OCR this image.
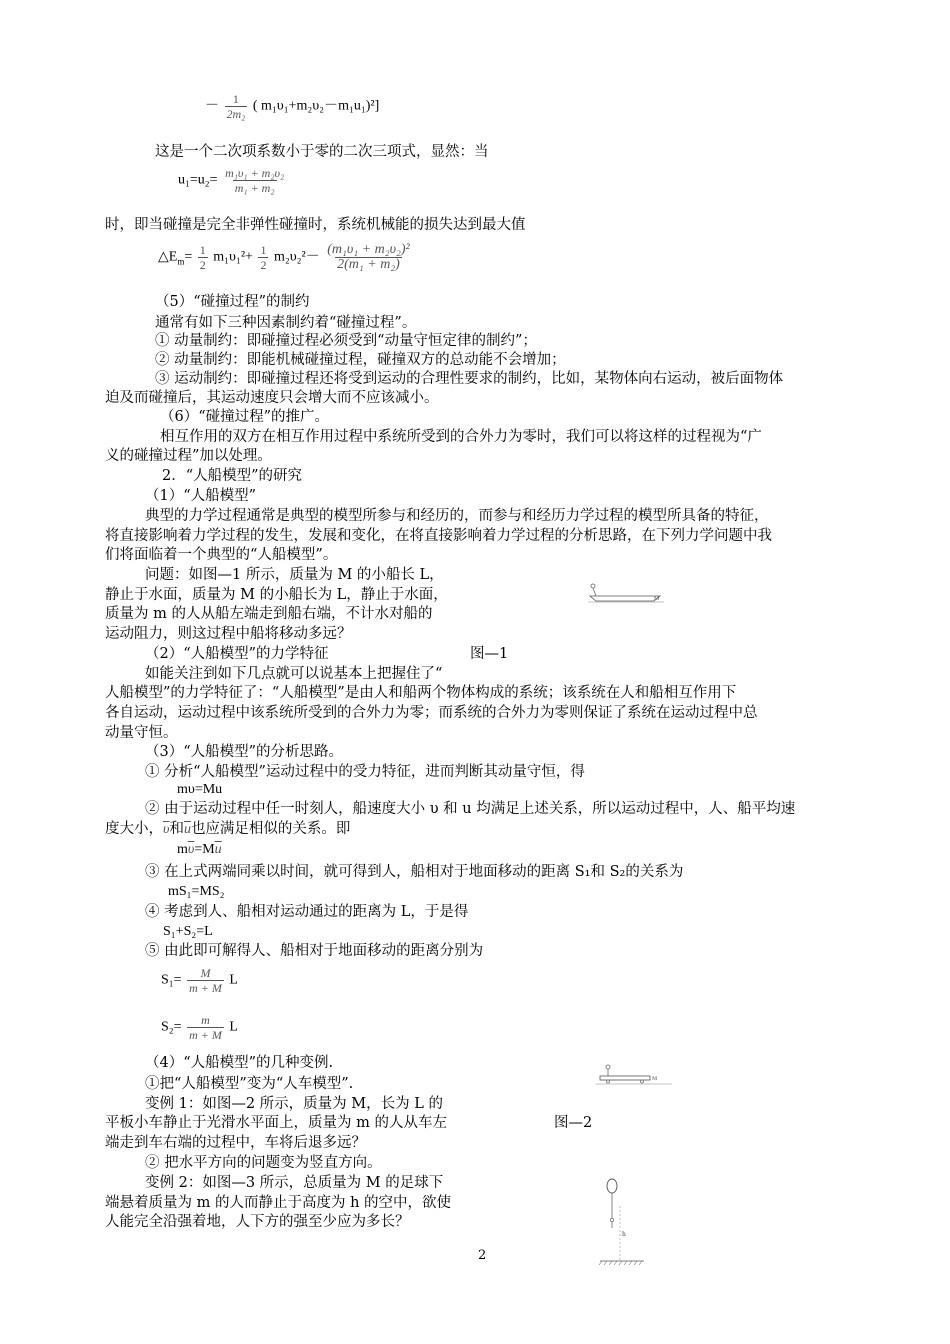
－ $\frac{1}{\text{2m₂}}$ ( m₁υ₁+m₂υ₂－m₁u₁)²]
这是一个二次项系数小于零的二次三项式，显然：当
$u_1=u_2= \frac{\text{m₁υ₁ + m₂υ₂}}{\text{m₁ + m₂}}$
时，即当碰撞是完全非弹性碰撞时，系统机械能的损失达到最大值
$\triangle E_m= \frac{1}{2} m_1\upsilon_1^2+ \frac{1}{2} m_2\upsilon_2^2- \frac{\text{(m₁υ₁ + m₂υ₂)²}}{\text{2(m₁ + m₂)}}$
（5）“碰撞过程”的制约
通常有如下三种因素制约着“碰撞过程”。
① 动量制约：即碰撞过程必须受到“动量守恒定律的制约”；
② 动量制约：即能机械碰撞过程，碰撞双方的总动能不会增加；
③ 运动制约：即碰撞过程还将受到运动的合理性要求的制约，比如，某物体向右运动，被后面物体
迫及而碰撞后，其运动速度只会增大而不应该减小。
（6）“碰撞过程”的推广。
相互作用的双方在相互作用过程中系统所受到的合外力为零时，我们可以将这样的过程视为“广
义的碰撞过程”加以处理。
2．“人船模型”的研究
（1）“人船模型”
典型的力学过程通常是典型的模型所参与和经历的，而参与和经历力学过程的模型所具备的特征，
将直接影响着力学过程的发生，发展和变化，在将直接影响着力学过程的分析思路，在下列力学问题中我
们将面临着一个典型的“人船模型”。
问题：如图—1 所示，质量为 M 的小船长 L，
静止于水面，质量为 M 的小船长为 L，静止于水面，
质量为 m 的人从船左端走到船右端，不计水对船的
运动阻力，则这过程中船将移动多远？
M
（2）“人船模型”的力学特征	图—1
如能关注到如下几点就可以说基本上把握住了“
人船模型”的力学特征了：“人船模型”是由人和船两个物体构成的系统；该系统在人和船相互作用下
各自运动，运动过程中该系统所受到的合外力为零；而系统的合外力为零则保证了系统在运动过程中总
动量守恒。
（3）“人船模型”的分析思路。
① 分析“人船模型”运动过程中的受力特征，进而判断其动量守恒，得
mυ=Mu
② 由于运动过程中任一时刻人，船速度大小 υ 和 u 均满足上述关系，所以运动过程中，人、船平均速
度大小，$\overline{\upsilon}$和$\overline{u}$也应满足相似的关系。即
$m\overline{\upsilon}=M\overline{u}$
③ 在上式两端同乘以时间，就可得到人，船相对于地面移动的距离 S₁和 S₂的关系为
mS₁=MS₂
④ 考虑到人、船相对运动通过的距离为 L，于是得
S₁+S₂=L
⑤ 由此即可解得人、船相对于地面移动的距离分别为
$S_1= \frac{M}{m + M}$ L
$S_2= \frac{m}{m + M}$ L
（4）“人船模型”的几种变例.
①把“人船模型”变为“人车模型”.	M
变例 1：如图—2 所示，质量为 M，长为 L 的
平板小车静止于光滑水平面上，质量为 m 的人从车左	图—2
端走到车右端的过程中，车将后退多远？
② 把水平方向的问题变为竖直方向。
变例 2：如图—3 所示，总质量为 M 的足球下
端悬着质量为 m 的人而静止于高度为 h 的空中，欲使
人能完全沿强着地，人下方的强至少应为多长？
h
2
